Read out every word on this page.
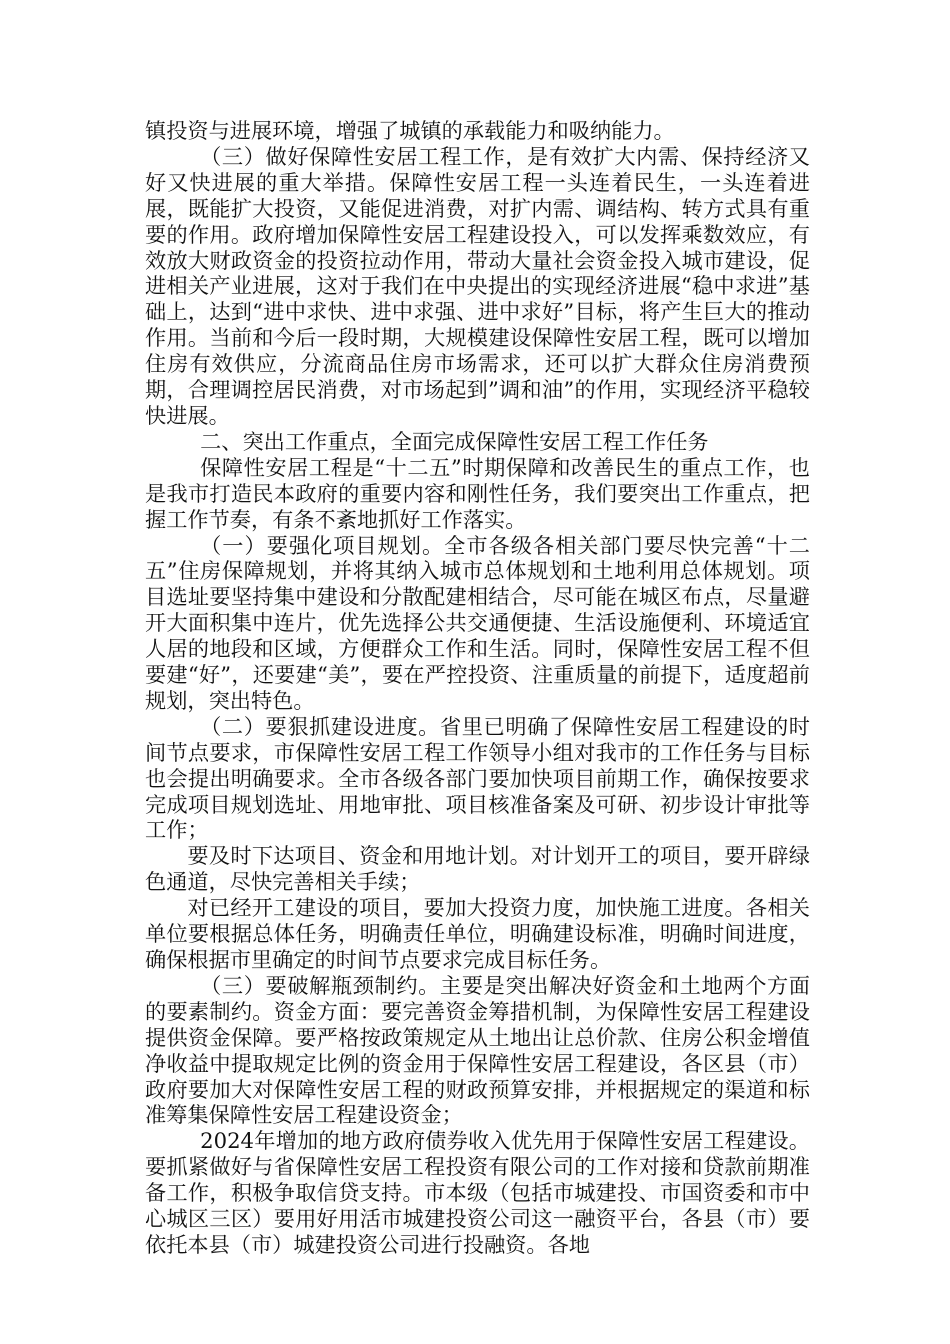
镇投资与进展环境，增强了城镇的承载能力和吸纳能力。

（三）做好保障性安居工程工作，是有效扩大内需、保持经济又好又快进展的重大举措。保障性安居工程一头连着民生，一头连着进展，既能扩大投资，又能促进消费，对扩内需、调结构、转方式具有重要的作用。政府增加保障性安居工程建设投入，可以发挥乘数效应，有效放大财政资金的投资拉动作用，带动大量社会资金投入城市建设，促进相关产业进展，这对于我们在中央提出的实现经济进展“稳中求进”基础上，达到“进中求快、进中求强、进中求好”目标，将产生巨大的推动作用。当前和今后一段时期，大规模建设保障性安居工程，既可以增加住房有效供应，分流商品住房市场需求，还可以扩大群众住房消费预期，合理调控居民消费，对市场起到”调和油”的作用，实现经济平稳较快进展。

二、突出工作重点，全面完成保障性安居工程工作任务

保障性安居工程是“十二五”时期保障和改善民生的重点工作，也是我市打造民本政府的重要内容和刚性任务，我们要突出工作重点，把握工作节奏，有条不紊地抓好工作落实。

（一）要强化项目规划。全市各级各相关部门要尽快完善“十二五”住房保障规划，并将其纳入城市总体规划和土地利用总体规划。项目选址要坚持集中建设和分散配建相结合，尽可能在城区布点，尽量避开大面积集中连片，优先选择公共交通便捷、生活设施便利、环境适宜人居的地段和区域，方便群众工作和生活。同时，保障性安居工程不但要建“好”，还要建“美”，要在严控投资、注重质量的前提下，适度超前规划，突出特色。

（二）要狠抓建设进度。省里已明确了保障性安居工程建设的时间节点要求，市保障性安居工程工作领导小组对我市的工作任务与目标也会提出明确要求。全市各级各部门要加快项目前期工作，确保按要求完成项目规划选址、用地审批、项目核准备案及可研、初步设计审批等工作；

要及时下达项目、资金和用地计划。对计划开工的项目，要开辟绿色通道，尽快完善相关手续；

对已经开工建设的项目，要加大投资力度，加快施工进度。各相关单位要根据总体任务，明确责任单位，明确建设标准，明确时间进度，确保根据市里确定的时间节点要求完成目标任务。

（三）要破解瓶颈制约。主要是突出解决好资金和土地两个方面的要素制约。资金方面：要完善资金筹措机制，为保障性安居工程建设提供资金保障。要严格按政策规定从土地出让总价款、住房公积金增值净收益中提取规定比例的资金用于保障性安居工程建设，各区县（市）政府要加大对保障性安居工程的财政预算安排，并根据规定的渠道和标准筹集保障性安居工程建设资金；

2024年增加的地方政府债券收入优先用于保障性安居工程建设。要抓紧做好与省保障性安居工程投资有限公司的工作对接和贷款前期准备工作，积极争取信贷支持。市本级（包括市城建投、市国资委和市中心城区三区）要用好用活市城建投资公司这一融资平台，各县（市）要依托本县（市）城建投资公司进行投融资。各地
